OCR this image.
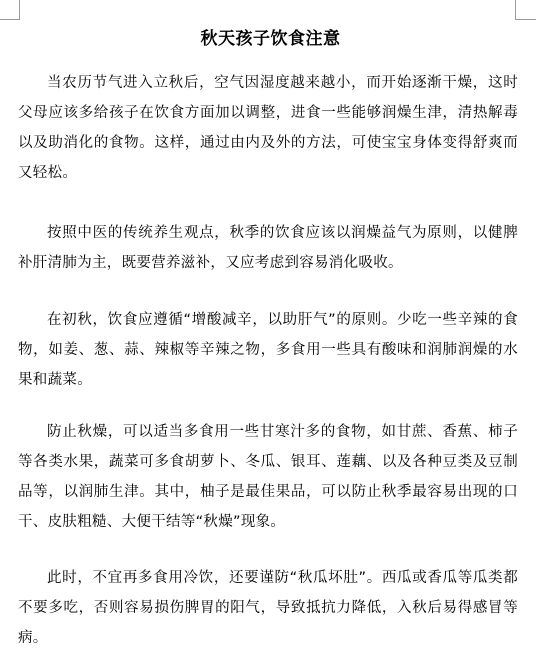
秋天孩子饮食注意

当农历节气进入立秋后，空气因湿度越来越小，而开始逐渐干燥，这时父母应该多给孩子在饮食方面加以调整，进食一些能够润燥生津，清热解毒以及助消化的食物。这样，通过由内及外的方法，可使宝宝身体变得舒爽而又轻松。

按照中医的传统养生观点，秋季的饮食应该以润燥益气为原则，以健脾补肝清肺为主，既要营养滋补，又应考虑到容易消化吸收。

在初秋，饮食应遵循“增酸减辛，以助肝气”的原则。少吃一些辛辣的食物，如姜、葱、蒜、辣椒等辛辣之物，多食用一些具有酸味和润肺润燥的水果和蔬菜。

防止秋燥，可以适当多食用一些甘寒汁多的食物，如甘蔗、香蕉、柿子等各类水果，蔬菜可多食胡萝卜、冬瓜、银耳、莲藕、以及各种豆类及豆制品等，以润肺生津。其中，柚子是最佳果品，可以防止秋季最容易出现的口干、皮肤粗糙、大便干结等“秋燥”现象。

此时，不宜再多食用冷饮，还要谨防“秋瓜坏肚”。西瓜或香瓜等瓜类都不要多吃，否则容易损伤脾胃的阳气，导致抵抗力降低，入秋后易得感冒等病。
